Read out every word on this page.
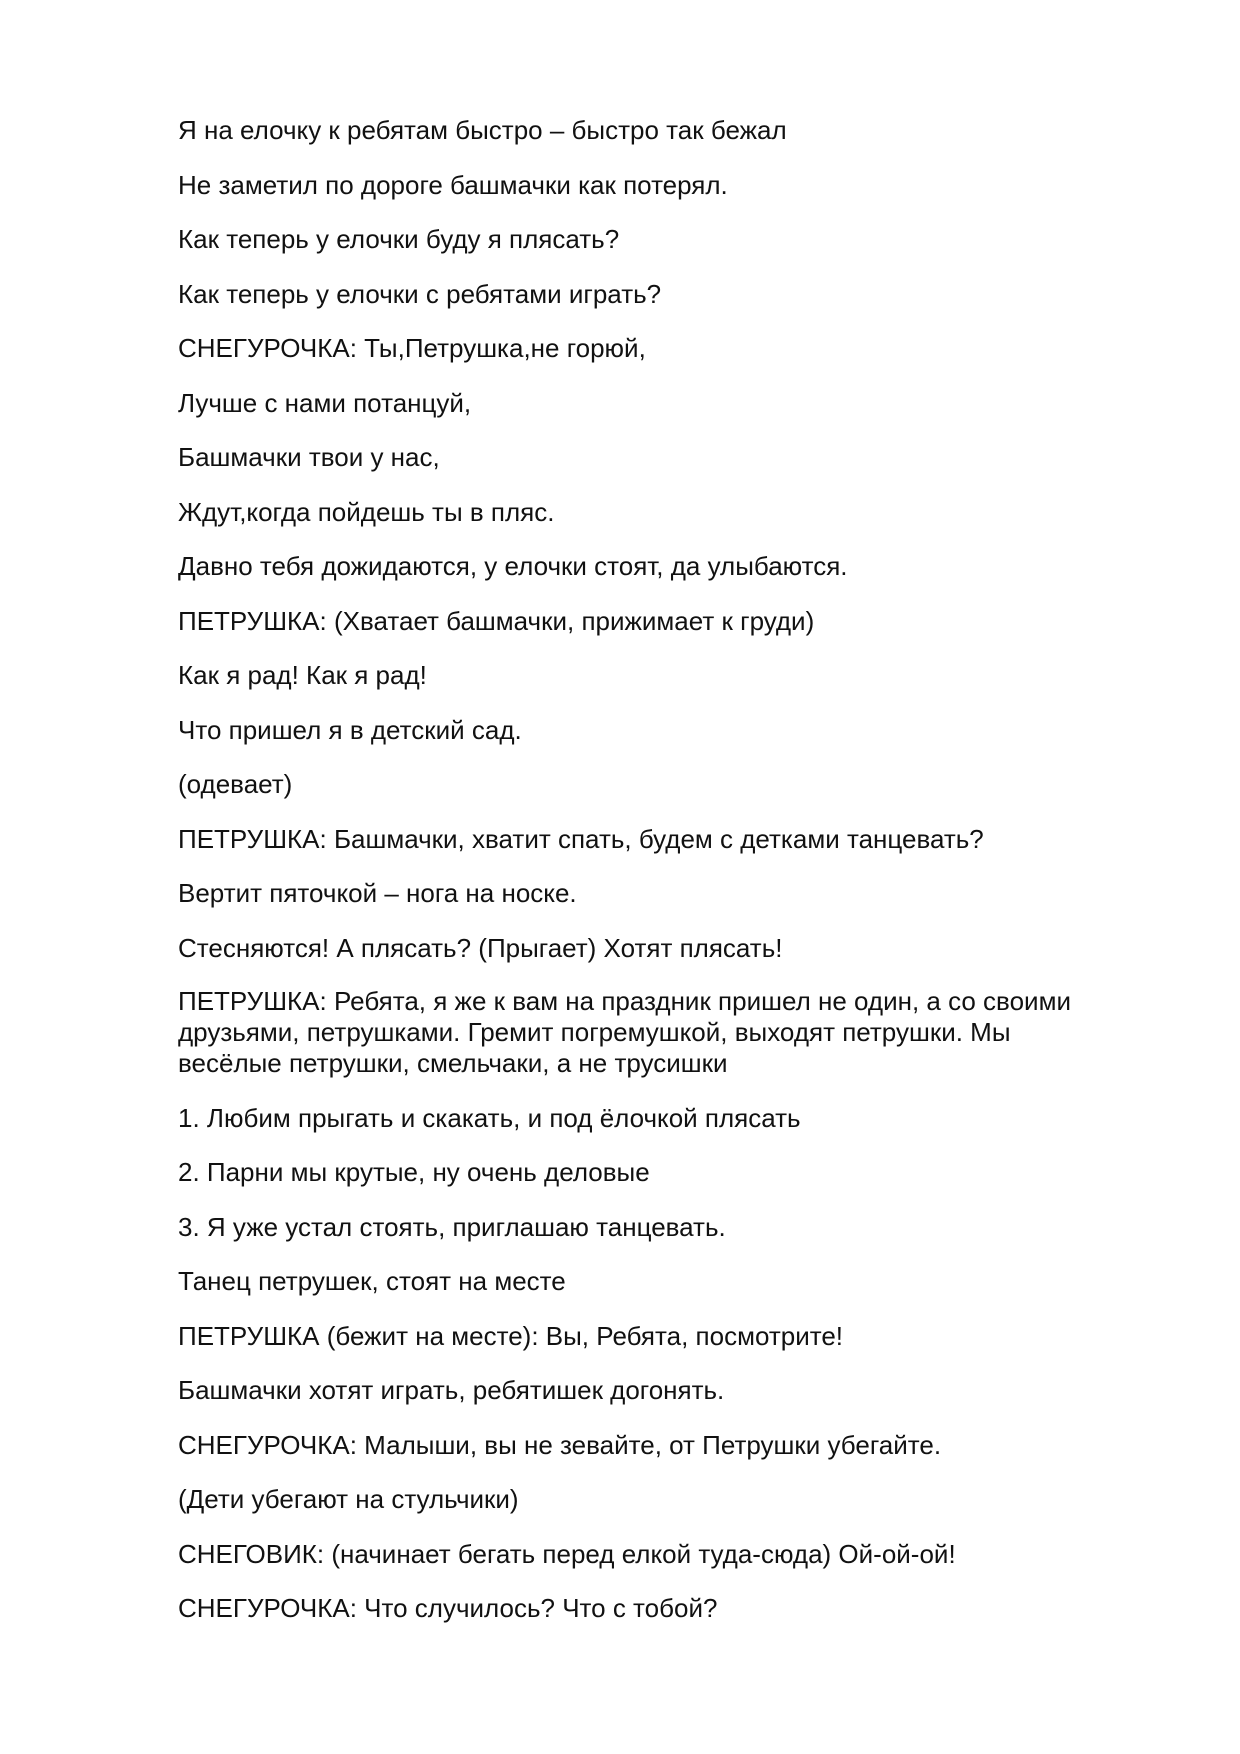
Я на елочку к ребятам быстро – быстро так бежал

Не заметил по дороге башмачки как потерял.

Как теперь у елочки буду я плясать?

Как теперь у елочки с ребятами играть?

СНЕГУРОЧКА: Ты,Петрушка,не горюй,

Лучше с нами потанцуй,

Башмачки твои у нас,

Ждут,когда пойдешь ты в пляс.

Давно тебя дожидаются, у елочки стоят, да улыбаются.

ПЕТРУШКА: (Хватает башмачки, прижимает к груди)

Как я рад! Как я рад!

Что пришел я в детский сад.

(одевает)

ПЕТРУШКА: Башмачки, хватит спать, будем с детками танцевать?

Вертит пяточкой – нога на носке.

Стесняются! А плясать? (Прыгает) Хотят плясать!

ПЕТРУШКА: Ребята, я же к вам на праздник пришел не один, а со своими
друзьями, петрушками. Гремит погремушкой, выходят петрушки. Мы
весёлые петрушки, смельчаки, а не трусишки

1. Любим прыгать и скакать, и под ёлочкой плясать

2. Парни мы крутые, ну очень деловые

3. Я уже устал стоять, приглашаю танцевать.

Танец петрушек, стоят на месте

ПЕТРУШКА (бежит на месте): Вы, Ребята, посмотрите!

Башмачки хотят играть, ребятишек догонять.

СНЕГУРОЧКА: Малыши, вы не зевайте, от Петрушки убегайте.

(Дети убегают на стульчики)

СНЕГОВИК: (начинает бегать перед елкой туда-сюда) Ой-ой-ой!

СНЕГУРОЧКА: Что случилось? Что с тобой?
